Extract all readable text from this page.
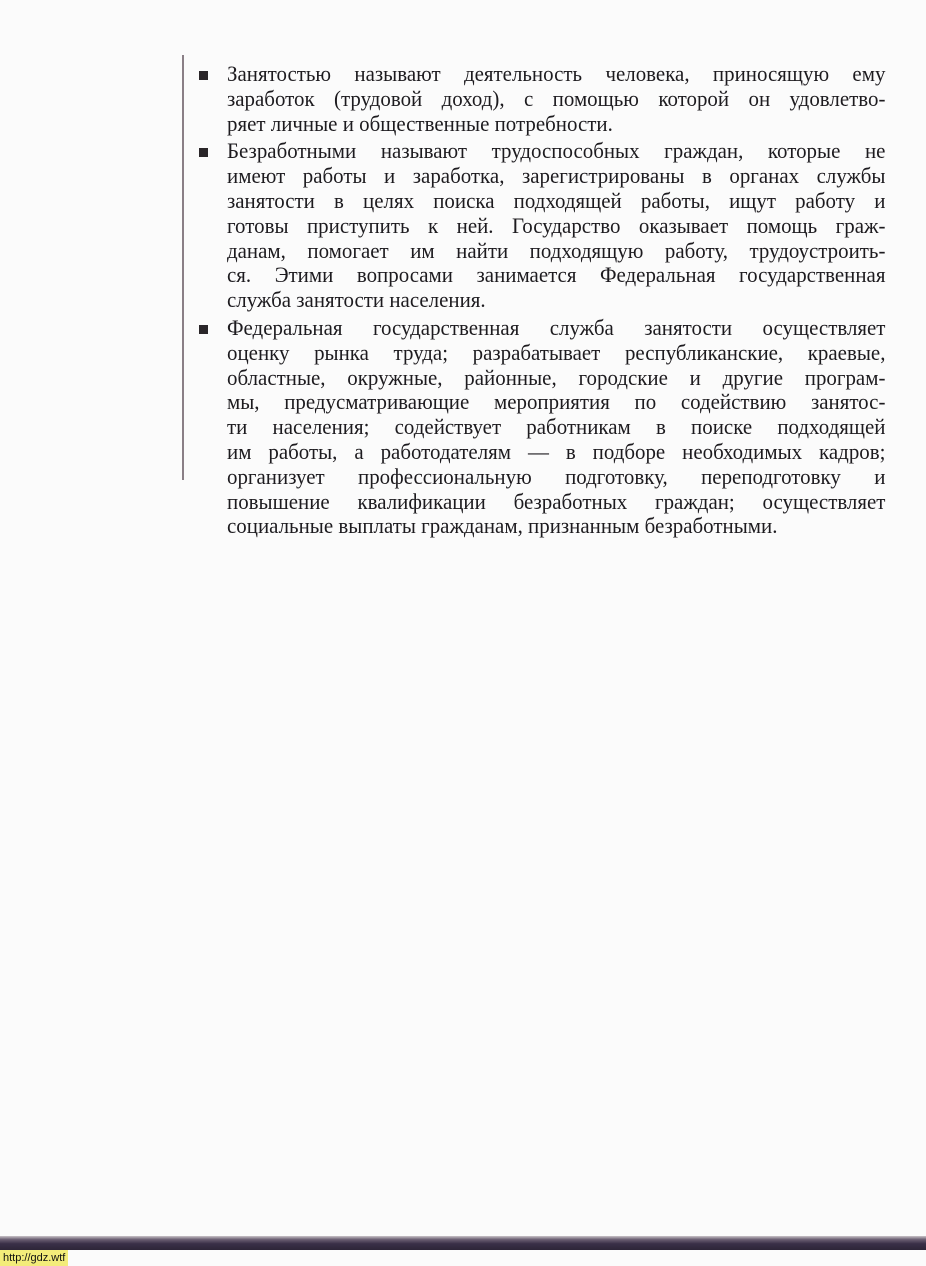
Занятостью называют деятельность человека, приносящую ему
заработок (трудовой доход), с помощью которой он удовлетво-
ряет личные и общественные потребности.
Безработными называют трудоспособных граждан, которые не
имеют работы и заработка, зарегистрированы в органах службы
занятости в целях поиска подходящей работы, ищут работу и
готовы приступить к ней. Государство оказывает помощь граж-
данам, помогает им найти подходящую работу, трудоустроить-
ся. Этими вопросами занимается Федеральная государственная
служба занятости населения.
Федеральная государственная служба занятости осуществляет
оценку рынка труда; разрабатывает республиканские, краевые,
областные, окружные, районные, городские и другие програм-
мы, предусматривающие мероприятия по содействию занятос-
ти населения; содействует работникам в поиске подходящей
им работы, а работодателям — в подборе необходимых кадров;
организует профессиональную подготовку, переподготовку и
повышение квалификации безработных граждан; осуществляет
социальные выплаты гражданам, признанным безработными.
http://gdz.wtf
